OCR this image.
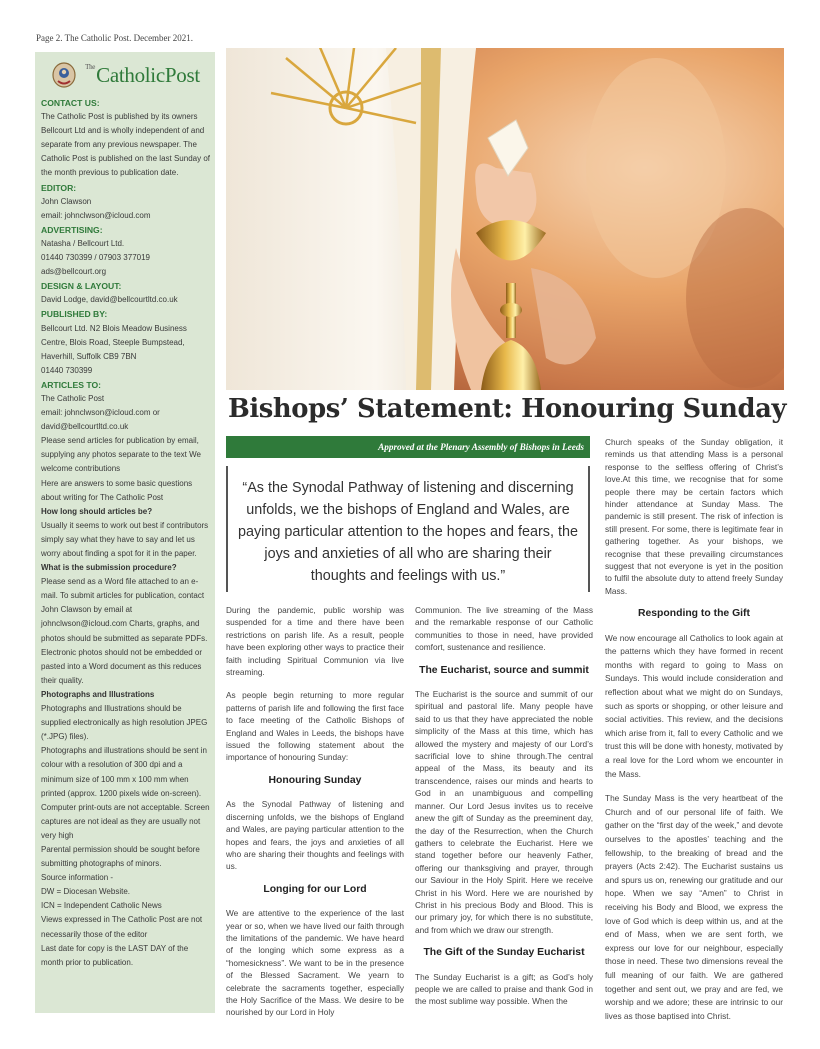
Page 2. The Catholic Post. December 2021.
$^{The}$CatholicPost
CONTACT US:
The Catholic Post is published by its owners Bellcourt Ltd and is wholly independent of and separate from any previous newspaper. The Catholic Post is published on the last Sunday of the month previous to publication date.
EDITOR:
John Clawson
email: johnclwson@icloud.com
ADVERTISING:
Natasha / Bellcourt Ltd.
01440 730399 / 07903 377019
ads@bellcourt.org
DESIGN & LAYOUT:
David Lodge, david@bellcourtltd.co.uk
PUBLISHED BY:
Bellcourt Ltd. N2 Blois Meadow Business Centre, Blois Road, Steeple Bumpstead, Haverhill, Suffolk CB9 7BN
01440 730399
ARTICLES TO:
The Catholic Post
email: johnclwson@icloud.com or david@bellcourtltd.co.uk
Please send articles for publication by email, supplying any photos separate to the text We welcome contributions
Here are answers to some basic questions about writing for The Catholic Post
How long should articles be?
Usually it seems to work out best if contributors simply say what they have to say and let us worry about finding a spot for it in the paper.
What is the submission procedure?
Please send as a Word file attached to an e-mail. To submit articles for publication, contact John Clawson by email at johnclwson@icloud.com Charts, graphs, and photos should be submitted as separate PDFs. Electronic photos should not be embedded or pasted into a Word document as this reduces their quality.
Photographs and Illustrations
Photographs and Illustrations should be supplied electronically as high resolution JPEG (*.JPG) files).
Photographs and illustrations should be sent in colour with a resolution of 300 dpi and a minimum size of 100 mm x 100 mm when printed (approx. 1200 pixels wide on-screen).
Computer print-outs are not acceptable. Screen captures are not ideal as they are usually not very high
Parental permission should be sought before submitting photographs of minors.
Source information -
DW = Diocesan Website.
ICN = Independent Catholic News
Views expressed in The Catholic Post are not necessarily those of the editor
Last date for copy is the LAST DAY of the month prior to publication.
Bishops’ Statement: Honouring Sunday
Approved at the Plenary Assembly of Bishops in Leeds
“As the Synodal Pathway of listening and discerning unfolds, we the bishops of England and Wales, are paying particular attention to the hopes and fears, the joys and anxieties of all who are sharing their thoughts and feelings with us.”

During the pandemic, public worship was suspended for a time and there have been restrictions on parish life. As a result, people have been exploring other ways to practice their faith including Spiritual Communion via live streaming.

As people begin returning to more regular patterns of parish life and following the first face to face meeting of the Catholic Bishops of England and Wales in Leeds, the bishops have issued the following statement about the importance of honouring Sunday:

Honouring Sunday

As the Synodal Pathway of listening and discerning unfolds, we the bishops of England and Wales, are paying particular attention to the hopes and fears, the joys and anxieties of all who are sharing their thoughts and feelings with us.

Longing for our Lord

We are attentive to the experience of the last year or so, when we have lived our faith through the limitations of the pandemic. We have heard of the longing which some express as a “homesickness”. We want to be in the presence of the Blessed Sacrament. We yearn to celebrate the sacraments together, especially the Holy Sacrifice of the Mass. We desire to be nourished by our Lord in Holy

Communion. The live streaming of the Mass and the remarkable response of our Catholic communities to those in need, have provided comfort, sustenance and resilience.

The Eucharist, source and summit

The Eucharist is the source and summit of our spiritual and pastoral life. Many people have said to us that they have appreciated the noble simplicity of the Mass at this time, which has allowed the mystery and majesty of our Lord’s sacrificial love to shine through.The central appeal of the Mass, its beauty and its transcendence, raises our minds and hearts to God in an unambiguous and compelling manner. Our Lord Jesus invites us to receive anew the gift of Sunday as the preeminent day, the day of the Resurrection, when the Church gathers to celebrate the Eucharist. Here we stand together before our heavenly Father, offering our thanksgiving and prayer, through our Saviour in the Holy Spirit. Here we receive Christ in his Word. Here we are nourished by Christ in his precious Body and Blood. This is our primary joy, for which there is no substitute, and from which we draw our strength.

The Gift of the Sunday Eucharist

The Sunday Eucharist is a gift; as God’s holy people we are called to praise and thank God in the most sublime way possible. When the

Church speaks of the Sunday obligation, it reminds us that attending Mass is a personal response to the selfless offering of Christ’s love.At this time, we recognise that for some people there may be certain factors which hinder attendance at Sunday Mass. The pandemic is still present. The risk of infection is still present. For some, there is legitimate fear in gathering together. As your bishops, we recognise that these prevailing circumstances suggest that not everyone is yet in the position to fulfil the absolute duty to attend freely Sunday Mass.

Responding to the Gift

We now encourage all Catholics to look again at the patterns which they have formed in recent months with regard to going to Mass on Sundays. This would include consideration and reflection about what we might do on Sundays, such as sports or shopping, or other leisure and social activities. This review, and the decisions which arise from it, fall to every Catholic and we trust this will be done with honesty, motivated by a real love for the Lord whom we encounter in the Mass.

The Sunday Mass is the very heartbeat of the Church and of our personal life of faith. We gather on the “first day of the week,” and devote ourselves to the apostles’ teaching and the fellowship, to the breaking of bread and the prayers (Acts 2:42). The Eucharist sustains us and spurs us on, renewing our gratitude and our hope. When we say “Amen” to Christ in receiving his Body and Blood, we express the love of God which is deep within us, and at the end of Mass, when we are sent forth, we express our love for our neighbour, especially those in need. These two dimensions reveal the full meaning of our faith. We are gathered together and sent out, we pray and are fed, we worship and we adore; these are intrinsic to our lives as those baptised into Christ.
